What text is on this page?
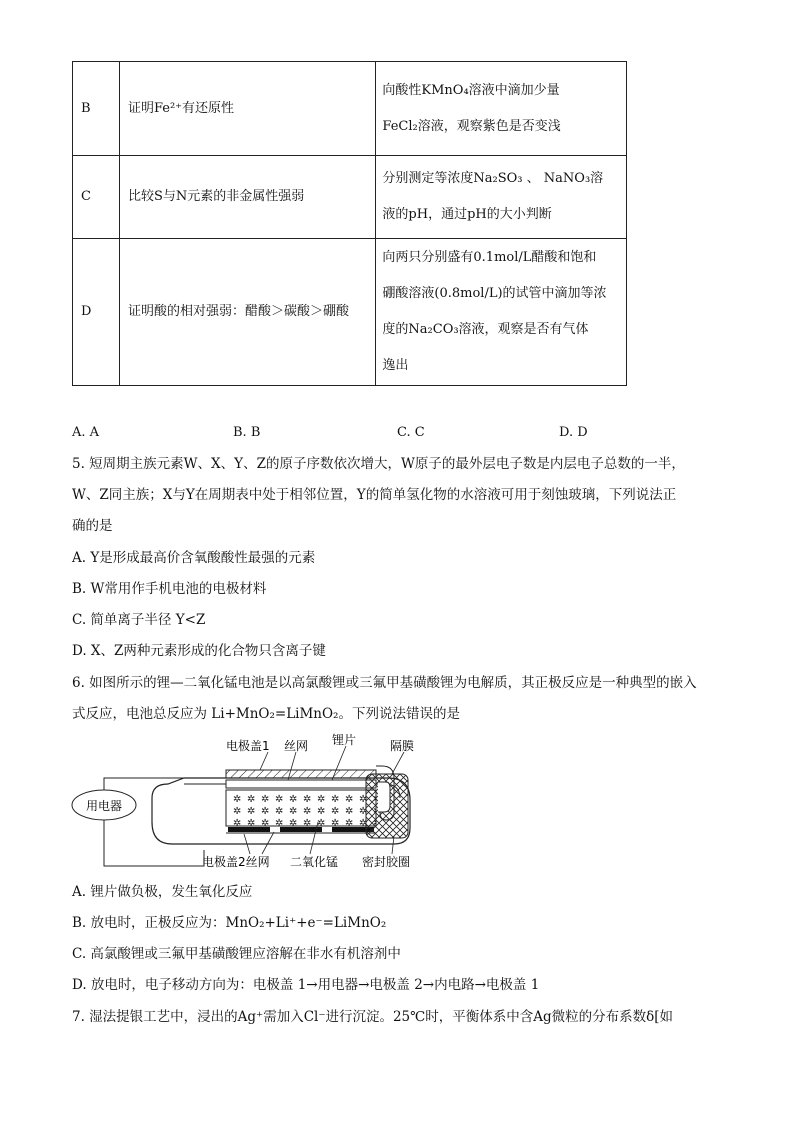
B	证明Fe²⁺有还原性	向酸性KMnO₄溶液中滴加少量
FeCl₂溶液，观察紫色是否变浅

C	比较S与N元素的非金属性强弱	分别测定等浓度Na₂SO₃ 、 NaNO₃溶
液的pH，通过pH的大小判断

D	证明酸的相对强弱：醋酸＞碳酸＞硼酸	向两只分别盛有0.1mol/L醋酸和饱和
硼酸溶液(0.8mol/L)的试管中滴加等浓
度的Na₂CO₃溶液，观察是否有气体
逸出
A. A	B. B	C. C	D. D
5. 短周期主族元素W、X、Y、Z的原子序数依次增大，W原子的最外层电子数是内层电子总数的一半，
W、Z同主族；X与Y在周期表中处于相邻位置，Y的简单氢化物的水溶液可用于刻蚀玻璃，下列说法正
确的是
A. Y是形成最高价含氧酸酸性最强的元素
B. W常用作手机电池的电极材料
C. 简单离子半径 Y<Z
D. X、Z两种元素形成的化合物只含离子键
6. 如图所示的锂—二氧化锰电池是以高氯酸锂或三氟甲基磺酸锂为电解质，其正极反应是一种典型的嵌入
式反应，电池总反应为 Li+MnO₂=LiMnO₂。下列说法错误的是
用电器
电极盖1 丝网 锂片	隔膜
电极盖2丝网 二氧化锰 密封胶圈
A. 锂片做负极，发生氧化反应
B. 放电时，正极反应为：MnO₂+Li⁺+e⁻=LiMnO₂
C. 高氯酸锂或三氟甲基磺酸锂应溶解在非水有机溶剂中
D. 放电时，电子移动方向为：电极盖 1→用电器→电极盖 2→内电路→电极盖 1
7. 湿法提银工艺中，浸出的Ag⁺需加入Cl⁻进行沉淀。25℃时，平衡体系中含Ag微粒的分布系数δ[如
